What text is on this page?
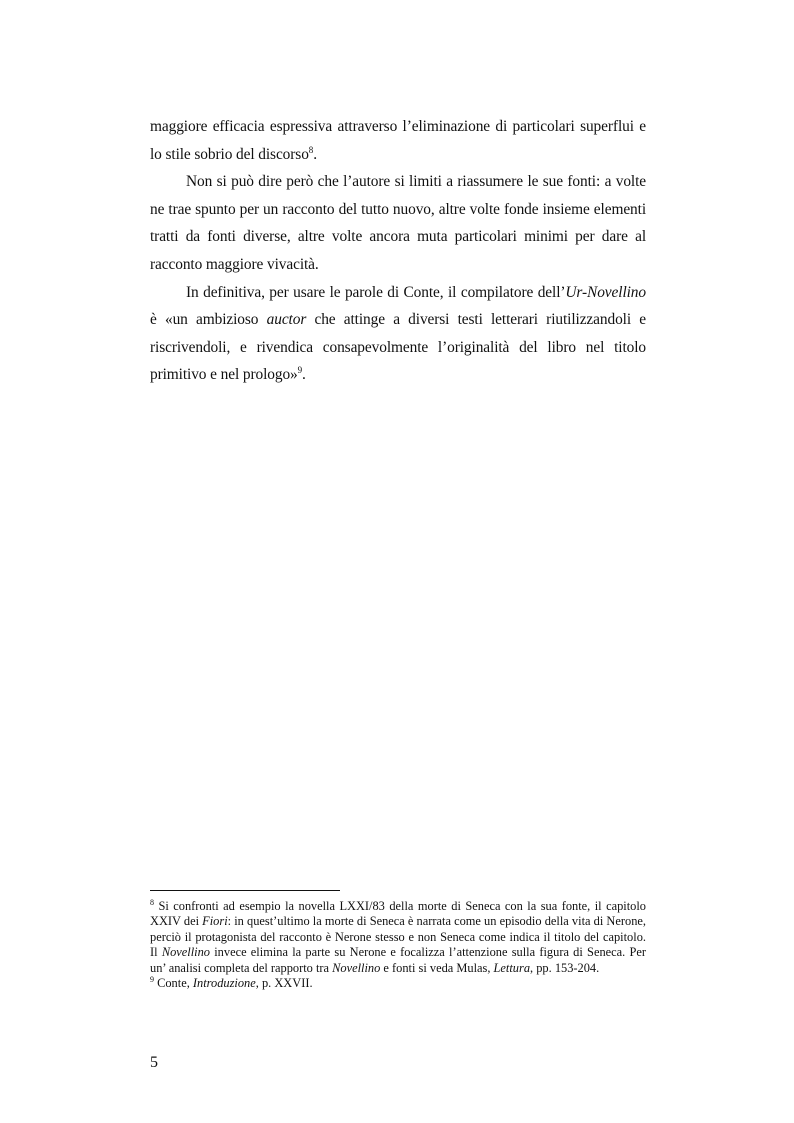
maggiore efficacia espressiva attraverso l’eliminazione di particolari superflui e lo stile sobrio del discorso$^8$.

Non si può dire però che l’autore si limiti a riassumere le sue fonti: a volte ne trae spunto per un racconto del tutto nuovo, altre volte fonde insieme elementi tratti da fonti diverse, altre volte ancora muta particolari minimi per dare al racconto maggiore vivacità.

In definitiva, per usare le parole di Conte, il compilatore dell’Ur-Novellino è «un ambizioso auctor che attinge a diversi testi letterari riutilizzandoli e riscrivendoli, e rivendica consapevolmente l’originalità del libro nel titolo primitivo e nel prologo»$^9$.

$^8$ Si confronti ad esempio la novella LXXI/83 della morte di Seneca con la sua fonte, il capitolo XXIV dei Fiori: in quest’ultimo la morte di Seneca è narrata come un episodio della vita di Nerone, perciò il protagonista del racconto è Nerone stesso e non Seneca come indica il titolo del capitolo. Il Novellino invece elimina la parte su Nerone e focalizza l’attenzione sulla figura di Seneca. Per un’ analisi completa del rapporto tra Novellino e fonti si veda Mulas, Lettura, pp. 153-204.

$^9$ Conte, Introduzione, p. XXVII.

5
